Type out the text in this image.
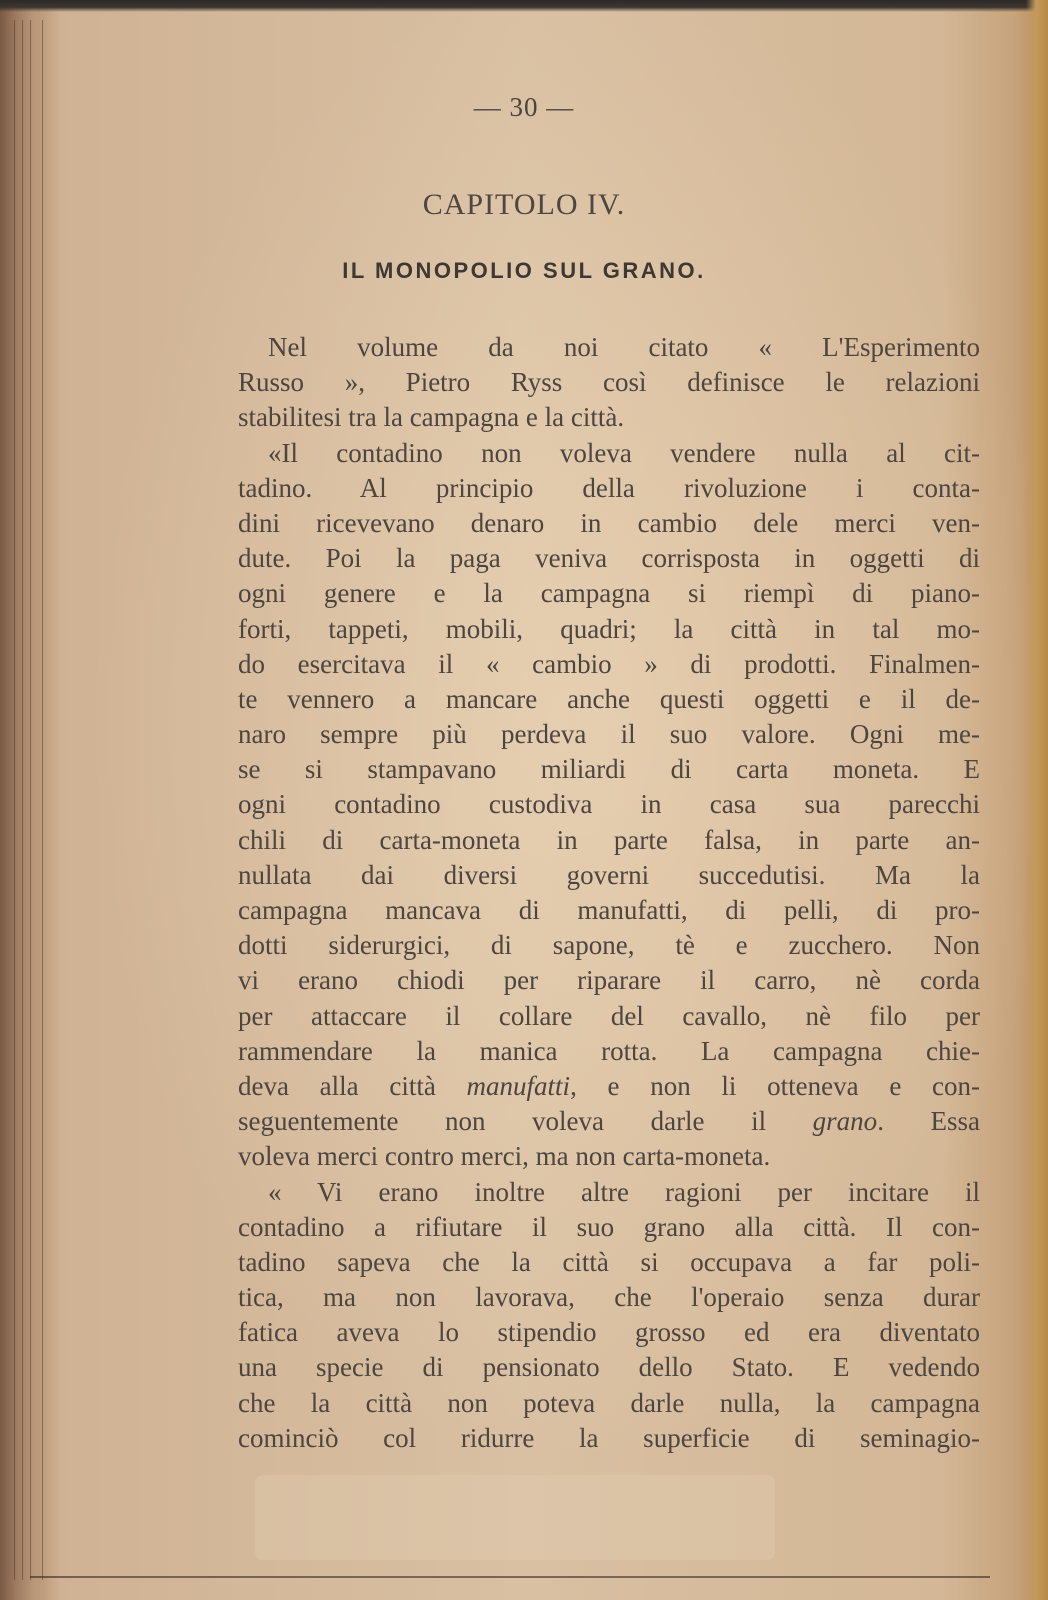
— 30 —
CAPITOLO IV.
IL MONOPOLIO SUL GRANO.
Nel volume da noi citato « L'Esperimento
Russo », Pietro Ryss così definisce le relazioni
stabilitesi tra la campagna e la città.
«Il contadino non voleva vendere nulla al cit-
tadino. Al principio della rivoluzione i conta-
dini ricevevano denaro in cambio dele merci ven-
dute. Poi la paga veniva corrisposta in oggetti di
ogni genere e la campagna si riempì di piano-
forti, tappeti, mobili, quadri; la città in tal mo-
do esercitava il « cambio » di prodotti. Finalmen-
te vennero a mancare anche questi oggetti e il de-
naro sempre più perdeva il suo valore. Ogni me-
se si stampavano miliardi di carta moneta. E
ogni contadino custodiva in casa sua parecchi
chili di carta-moneta in parte falsa, in parte an-
nullata dai diversi governi succedutisi. Ma la
campagna mancava di manufatti, di pelli, di pro-
dotti siderurgici, di sapone, tè e zucchero. Non
vi erano chiodi per riparare il carro, nè corda
per attaccare il collare del cavallo, nè filo per
rammendare la manica rotta. La campagna chie-
deva alla città manufatti, e non li otteneva e con-
seguentemente non voleva darle il grano. Essa
voleva merci contro merci, ma non carta-moneta.
« Vi erano inoltre altre ragioni per incitare il
contadino a rifiutare il suo grano alla città. Il con-
tadino sapeva che la città si occupava a far poli-
tica, ma non lavorava, che l'operaio senza durar
fatica aveva lo stipendio grosso ed era diventato
una specie di pensionato dello Stato. E vedendo
che la città non poteva darle nulla, la campagna
cominciò col ridurre la superficie di seminagio-
